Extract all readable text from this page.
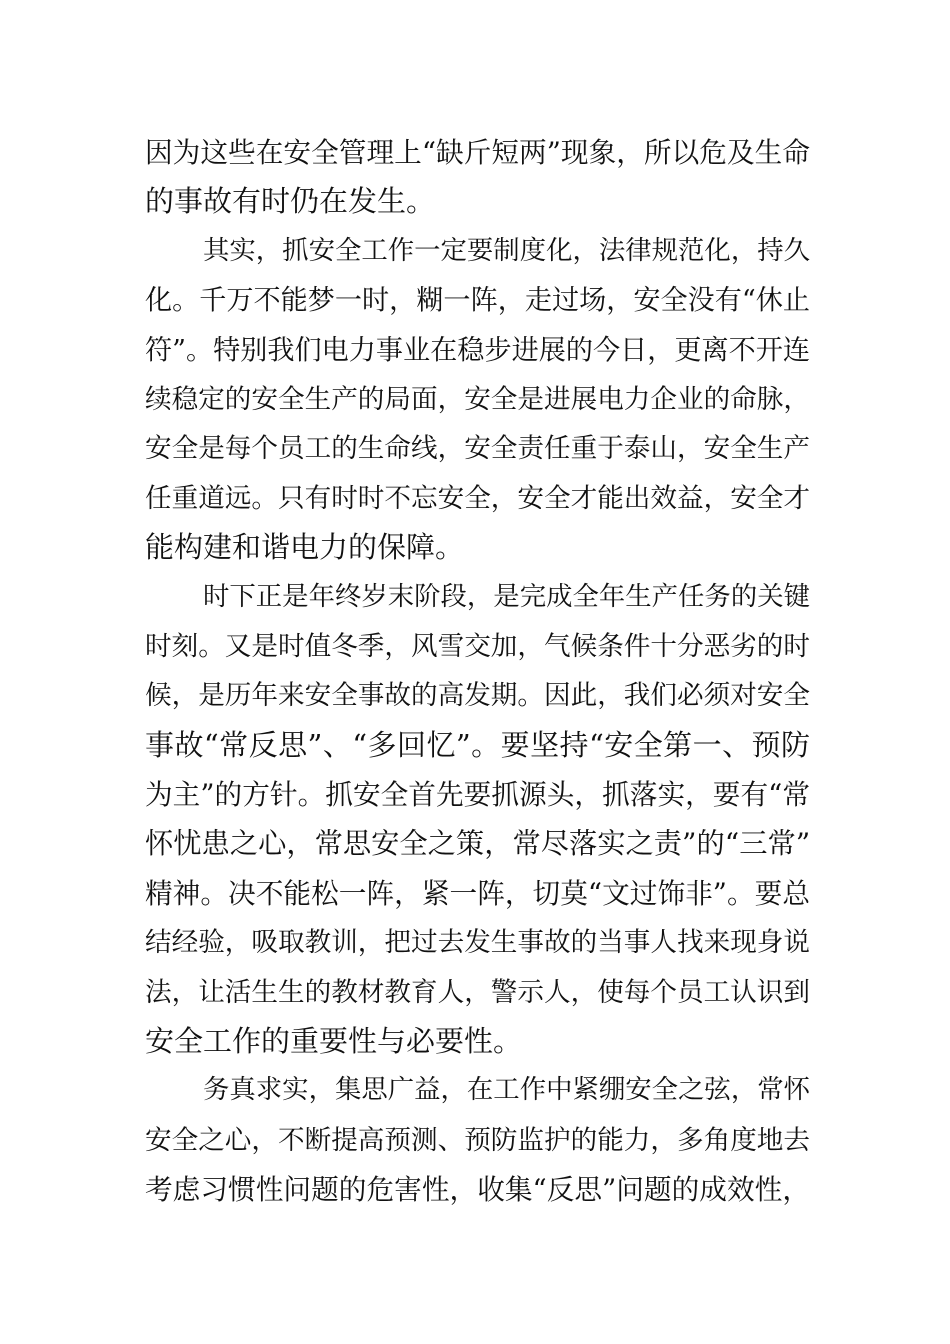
因为这些在安全管理上“缺斤短两”现象，所以危及生命
的事故有时仍在发生。

其实，抓安全工作一定要制度化，法律规范化，持久
化。千万不能梦一时，糊一阵，走过场，安全没有“休止
符”。特别我们电力事业在稳步进展的今日，更离不开连
续稳定的安全生产的局面，安全是进展电力企业的命脉，
安全是每个员工的生命线，安全责任重于泰山，安全生产
任重道远。只有时时不忘安全，安全才能出效益，安全才
能构建和谐电力的保障。

时下正是年终岁末阶段，是完成全年生产任务的关键
时刻。又是时值冬季，风雪交加，气候条件十分恶劣的时
候，是历年来安全事故的高发期。因此，我们必须对安全
事故“常反思”、“多回忆”。要坚持“安全第一、预防
为主”的方针。抓安全首先要抓源头，抓落实，要有“常
怀忧患之心，常思安全之策，常尽落实之责”的“三常”
精神。决不能松一阵，紧一阵，切莫“文过饰非”。要总
结经验，吸取教训，把过去发生事故的当事人找来现身说
法，让活生生的教材教育人，警示人，使每个员工认识到
安全工作的重要性与必要性。

务真求实，集思广益，在工作中紧绷安全之弦，常怀
安全之心，不断提高预测、预防监护的能力，多角度地去
考虑习惯性问题的危害性，收集“反思”问题的成效性，
